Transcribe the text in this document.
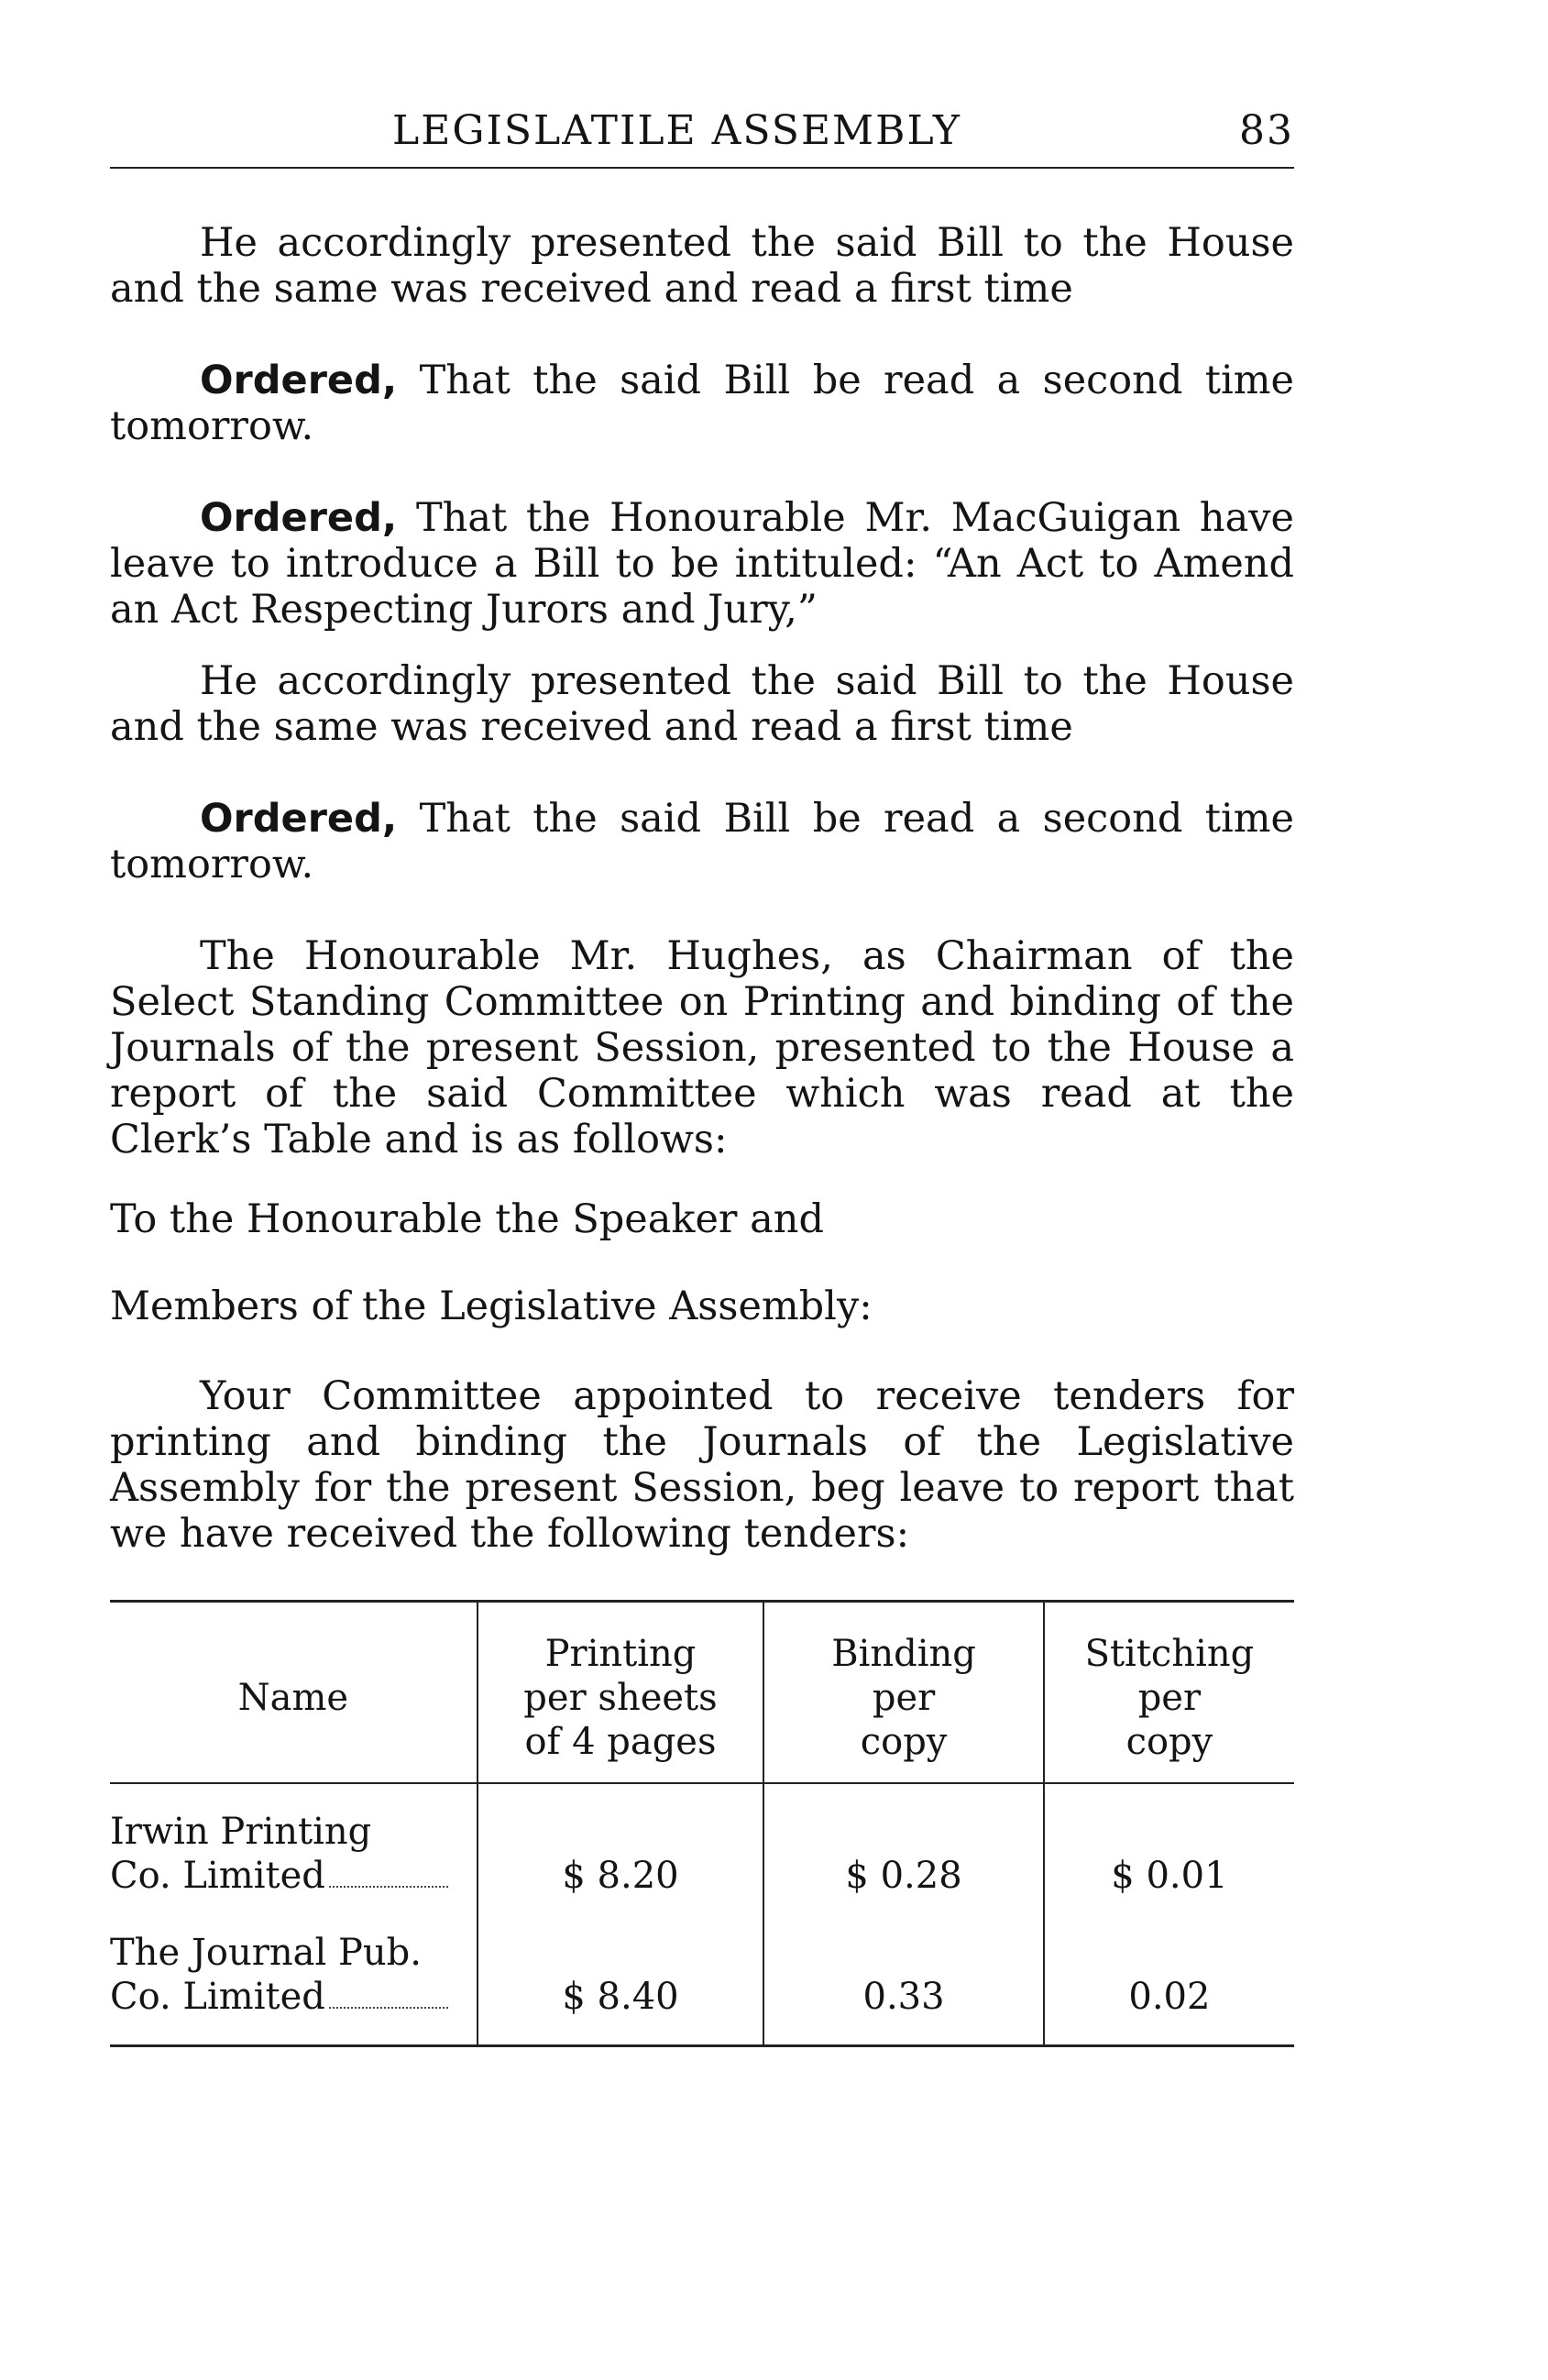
LEGISLATILE ASSEMBLY	83

He accordingly presented the said Bill to the House and the same was received and read a first time

Ordered, That the said Bill be read a second time tomorrow.

Ordered, That the Honourable Mr. MacGuigan have leave to introduce a Bill to be intituled: “An Act to Amend an Act Respecting Jurors and Jury,”

He accordingly presented the said Bill to the House and the same was received and read a first time

Ordered, That the said Bill be read a second time tomorrow.

The Honourable Mr. Hughes, as Chairman of the Select Standing Committee on Printing and binding of the Journals of the present Session, presented to the House a report of the said Committee which was read at the Clerk’s Table and is as follows:

To the Honourable the Speaker and
Members of the Legislative Assembly:

Your Committee appointed to receive tenders for printing and binding the Journals of the Legislative Assembly for the present Session, beg leave to report that we have received the following tenders:

Name	Printing
per sheets
of 4 pages	Binding
per
copy	Stitching
per
copy

Irwin Printing
Co. Limited	$ 8.20	$ 0.28	$ 0.01

The Journal Pub.
Co. Limited	$ 8.40	0.33	0.02
